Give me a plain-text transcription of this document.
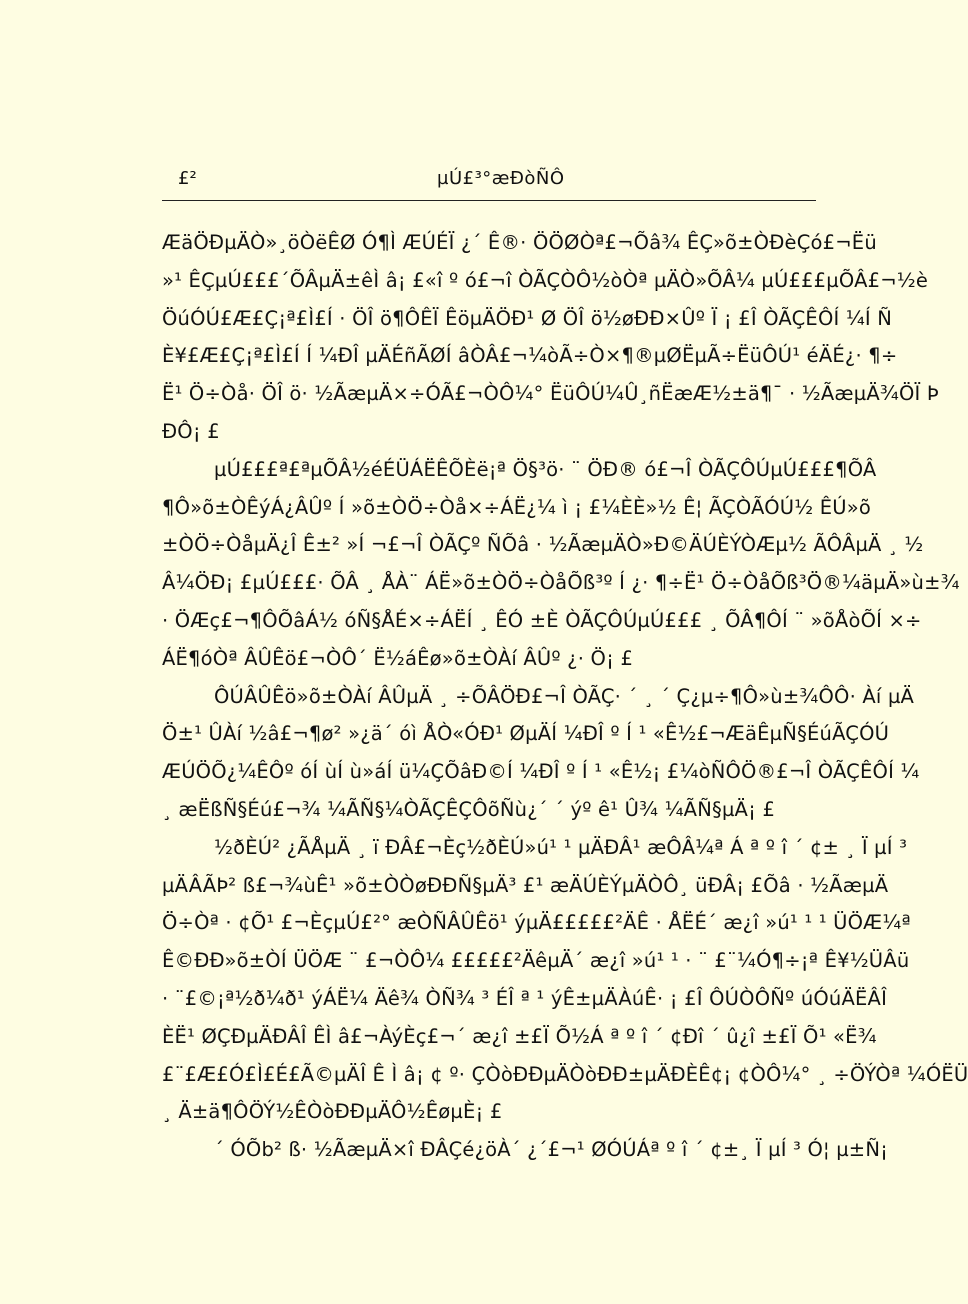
£²	µÚ£³°æÐòÑÔ
ÆäÖÐµÄÒ»¸öÒëÊØ Ó¶Ì ÆÚÉÏ ¿´ Ê®· ÖÖØÒª£¬Õâ¾ ÊÇ»õ±ÒÐèÇó£¬Ëü
»¹ ÊÇµÚ£££´ÕÂµÄ±êÌ â¡ £«î º ó£¬î ÒÃÇÒÔ½òÒª µÄÒ»ÕÂ¼ µÚ£££µÕÂ£¬½è
ÖúÓÚ£Æ£Ç¡ª£Ì£Í · ÖÎ ö¶ÔÊÏ ÊöµÄÖÐ¹ Ø ÖÎ ö½øÐÐ×Ûº Ï ¡ £Î ÒÃÇÊÔÍ ¼Í Ñ
È¥£Æ£Ç¡ª£Ì£Í Í ¼ÐÎ µÄÉñÃØÍ âÒÂ£¬¼òÃ÷Ò×¶®µØËµÃ÷ËüÔÚ¹ éÄÉ¿· ¶÷
Ë¹ Ö÷Òå· ÖÎ ö· ½ÃæµÄ×÷ÓÃ£¬ÒÔ¼° ËüÔÚ¼Û¸ñËæÆ½±ä¶¯ · ½ÃæµÄ¾ÖÏ Þ
ÐÔ¡ £
µÚ£££ª£ªµÕÂ½éÉÜÁËÊÕÈë¡ª Ö§³ö· ¨ ÖÐ® ó£¬Î ÒÃÇÔÚµÚ£££¶ÕÂ
¶Ô»õ±ÒÊýÁ¿ÂÛº Í »õ±ÒÖ÷Òå×÷ÁË¿¼ ì ¡ £¼ÈÈ»½ Ê¦ ÃÇÒÃÓÚ½ ÊÚ»õ
±ÒÖ÷ÒåµÄ¿Î Ê±² »Í ¬£¬Î ÒÃÇº ÑÕâ · ½ÃæµÄÒ»Ð©ÄÚÈÝÒÆµ½ ÃÔÂµÄ ¸ ½
Â¼ÖÐ¡ £µÚ£££· ÕÂ ¸ ÅÀ¨ ÁË»õ±ÒÖ÷ÒåÕß³º Í ¿· ¶÷Ë¹ Ö÷ÒåÕß³Ö®¼äµÄ»ù±¾
· ÖÆç£¬¶ÔÕâÁ½ óÑ§ÅÉ×÷ÁËÍ ¸ ÊÓ ±È ÒÃÇÔÚµÚ£££ ¸ ÕÂ¶ÔÍ ¨ »õÅòÕÍ ×÷
ÁË¶óÒª ÂÛÊö£¬ÒÔ´ Ë½áÊø»õ±ÒÀí ÂÛº ¿· Ö¡ £
ÔÚÂÛÊö»õ±ÒÀí ÂÛµÄ ¸ ÷ÕÂÖÐ£¬Î ÒÃÇ· ´ ¸ ´ Ç¿µ÷¶Ô»ù±¾ÔÔ· Àí µÄ
Ö±¹ ÛÀí ½â£¬¶ø² »¿ä´ óì ÅÒ«ÓÐ¹ ØµÄÍ ¼ÐÎ º Í ¹ «Ê½£¬ÆäÊµÑ§ÉúÃÇÓÚ
ÆÚÖÕ¿¼ÊÔº óÍ ùÍ ù»áÍ ü¼ÇÕâÐ©Í ¼ÐÎ º Í ¹ «Ê½¡ £¼òÑÔÖ®£¬Î ÒÃÇÊÔÍ ¼
¸ æËßÑ§Éú£¬¾ ¼ÃÑ§¼ÒÃÇÊÇÔõÑù¿´ ´ ýº ê¹ Û¾ ¼ÃÑ§µÄ¡ £
½ðÈÚ² ¿ÃÅµÄ ¸ ï ÐÂ£¬Èç½ðÈÚ»ú¹ ¹ µÄÐÂ¹ æÔÂ¼ª Á ª º î ´ ¢± ¸ Ï µÍ ³
µÄÂÃÞ² ß£¬¾ùÊ¹ »õ±ÒÒøÐÐÑ§µÄ³ £¹ æÄÚÈÝµÄÒÔ¸ üÐÂ¡ £Õâ · ½ÃæµÄ
Ö÷Òª · ¢Õ¹ £¬ÈçµÚ£²° æÒÑÂÛÊö¹ ýµÄ£££££²ÄÊ · ÅËÉ´ æ¿î »ú¹ ¹ ¹ ÜÖÆ¼ª
Ê©ÐÐ»õ±ÒÍ ÜÖÆ ¨ £¬ÒÔ¼ £££££²ÄêµÄ´ æ¿î »ú¹ ¹ · ¨ £¨¼Ó¶÷¡ª Ê¥½ÜÂü
· ¨£©¡ª½ð¼ð¹ ýÁË¼ Äê¾ ÒÑ¾ ³ ÉÎ ª ¹ ýÊ±µÄÀúÊ· ¡ £Î ÔÚÒÔÑº úÓúÄËÂÎ
ÈË¹ ØÇÐµÄÐÂÎ ÊÌ â£¬ÀýÈç£¬´ æ¿î ±£Ï Õ½Á ª º î ´ ¢Ðî ´ û¿î ±£Ï Õ¹ «Ë¾
£¨£Æ£Ó£Ì£É£Ã©µÄÎ Ê Ì â¡ ¢ º· ÇÒòÐÐµÄÒòÐÐ±µÄÐÈÊ¢¡ ¢ÒÔ¼° ¸ ÷ÖÝÒª ¼ÓËÜ
¸ Ä±ä¶ÔÖÝ½ÊÒòÐÐµÄÔ½ÊøµÈ¡ £
´ ÓÕb² ß· ½ÃæµÄ×î ÐÂÇé¿öÀ´ ¿´£¬¹ ØÓÚÁª º î ´ ¢±¸ Ï µÍ ³ Ó¦ µ±Ñ¡
